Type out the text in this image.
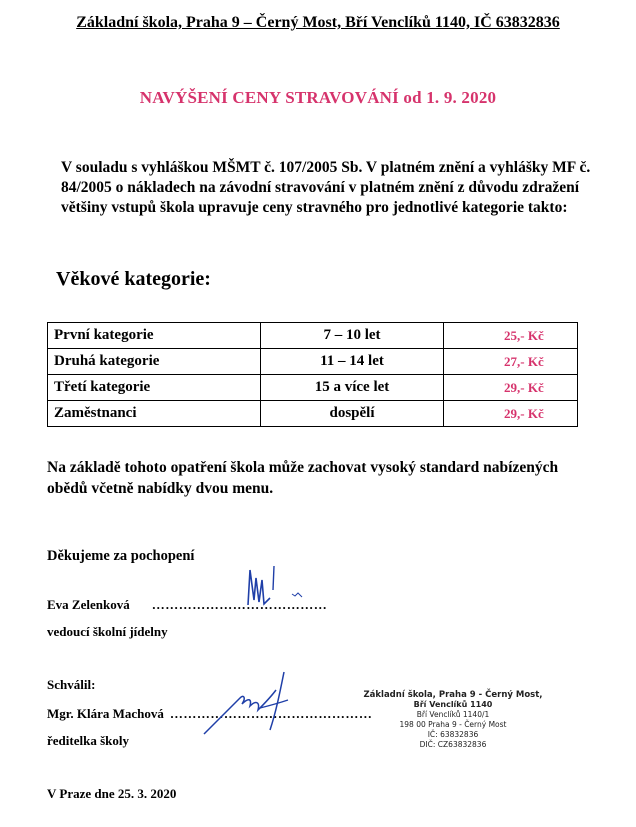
Základní škola, Praha 9 – Černý Most, Bří Venclíků 1140, IČ 63832836
NAVÝŠENÍ CENY STRAVOVÁNÍ od 1. 9. 2020
V souladu s vyhláškou MŠMT č. 107/2005 Sb. V platném znění a vyhlášky MF č. 84/2005 o nákladech na závodní stravování v platném znění z důvodu zdražení většiny vstupů škola upravuje ceny stravného pro jednotlivé kategorie takto:
Věkové kategorie:
První kategorie	7 – 10 let	25,- Kč
Druhá kategorie	11 – 14 let	27,- Kč
Třetí kategorie	15 a více let	29,- Kč
Zaměstnanci	dospělí	29,- Kč
Na základě tohoto opatření škola může zachovat vysoký standard nabízených obědů včetně nabídky dvou menu.
Děkujeme za pochopení
Eva Zelenková …………………………………
vedoucí školní jídelny
Schválil:
Mgr. Klára Machová ………………………………………
ředitelka školy
Základní škola, Praha 9 - Černý Most,
Bří Venclíků 1140
Bří Venclíků 1140/1
198 00 Praha 9 - Černý Most
IČ: 63832836
DIČ: CZ63832836
V Praze dne 25. 3. 2020
